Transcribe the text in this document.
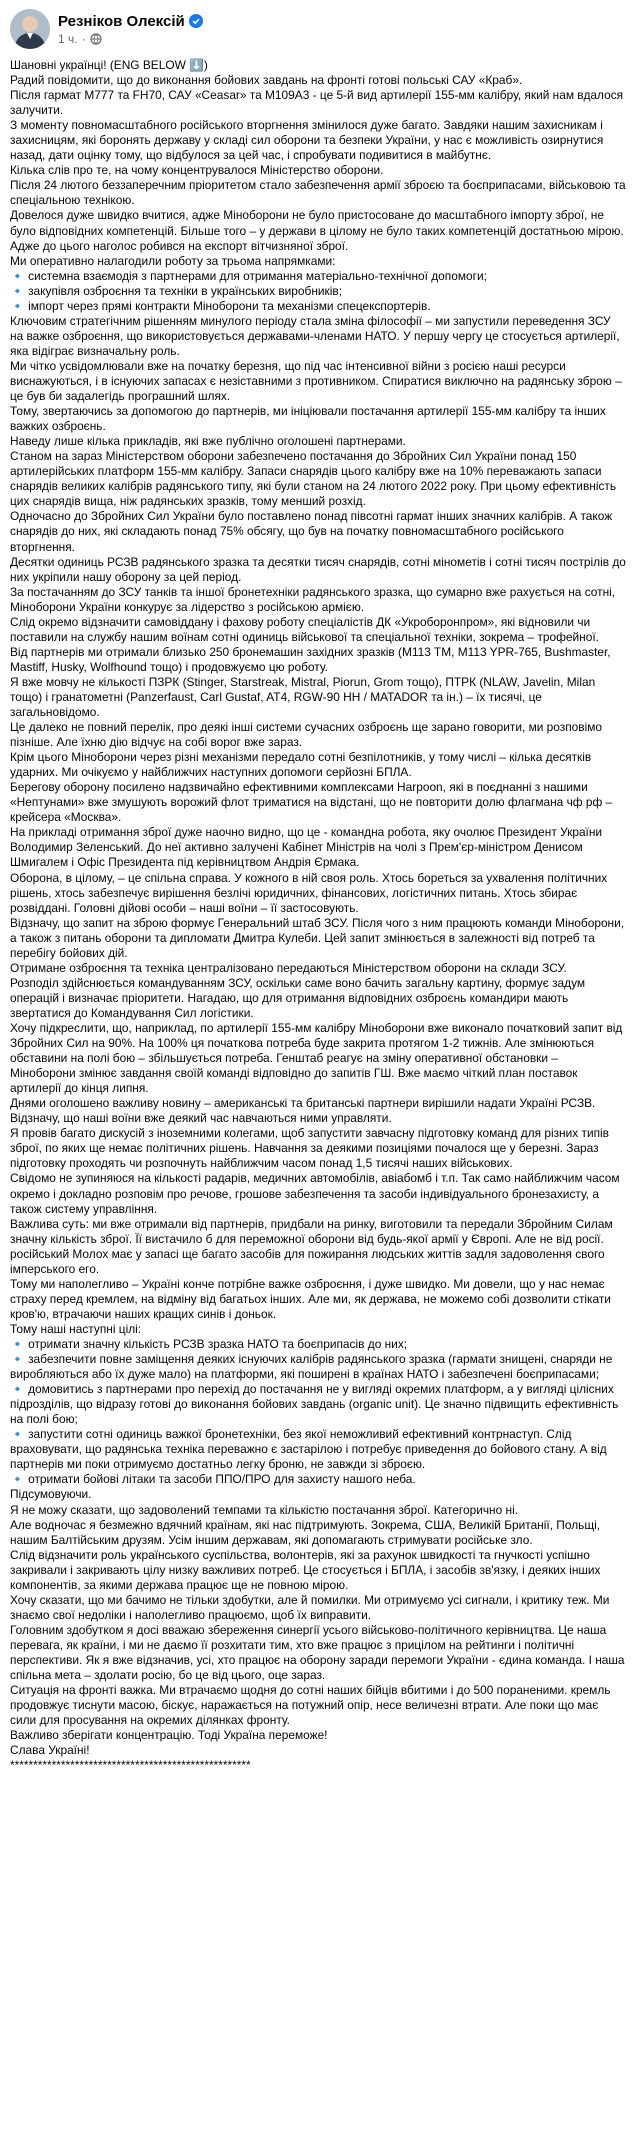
Резніков Олексій
1 ч. ·

Шановні українці! (ENG BELOW ⬇️)

Радий повідомити, що до виконання бойових завдань на фронті готові польські САУ «Краб».

Після гармат М777 та FH70, САУ «Ceasar» та M109A3 - це 5-й вид артилерії 155-мм калібру, який нам вдалося залучити.

З моменту повномасштабного російського вторгнення змінилося дуже багато. Завдяки нашим захисникам і захисницям, які боронять державу у складі сил оборони та безпеки України, у нас є можливість озирнутися назад, дати оцінку тому, що відбулося за цей час, і спробувати подивитися в майбутнє.

Кілька слів про те, на чому концентрувалося Міністерство оборони.

Після 24 лютого беззаперечним пріоритетом стало забезпечення армії зброєю та боєприпасами, військовою та спеціальною технікою.

Довелося дуже швидко вчитися, адже Міноборони не було пристосоване до масштабного імпорту зброї, не було відповідних компетенцій. Більше того – у держави в цілому не було таких компетенцій достатньою мірою. Адже до цього наголос робився на експорт вітчизняної зброї.

Ми оперативно налагодили роботу за трьома напрямками:

🔹 системна взаємодія з партнерами для отримання матеріально-технічної допомоги;

🔹 закупівля озброєння та техніки в українських виробників;

🔹 імпорт через прямі контракти Міноборони та механізми спецекспортерів.

Ключовим стратегічним рішенням минулого періоду стала зміна філософії – ми запустили переведення ЗСУ на важке озброєння, що використовується державами-членами НАТО. У першу чергу це стосується артилерії, яка відіграє визначальну роль.

Ми чітко усвідомлювали вже на початку березня, що під час інтенсивної війни з росією наші ресурси виснажуються, і в існуючих запасах є незіставними з противником. Спиратися виключно на радянську зброю – це був би задалегідь програшний шлях.

Тому, звертаючись за допомогою до партнерів, ми ініціювали постачання артилерії 155-мм калібру та інших важких озброєнь.

Наведу лише кілька прикладів, які вже публічно оголошені партнерами.

Станом на зараз Міністерством оборони забезпечено постачання до Збройних Сил України понад 150 артилерійських платформ 155-мм калібру. Запаси снарядів цього калібру вже на 10% переважають запаси снарядів великих калібрів радянського типу, які були станом на 24 лютого 2022 року. При цьому ефективність цих снарядів вища, ніж радянських зразків, тому менший розхід.

Одночасно до Збройних Сил України було поставлено понад півсотні гармат інших значних калібрів. А також снарядів до них, які складають понад 75% обсягу, що був на початку повномасштабного російського вторгнення.

Десятки одиниць РСЗВ радянського зразка та десятки тисяч снарядів, сотні мінометів і сотні тисяч пострілів до них укріпили нашу оборону за цей період.

За постачанням до ЗСУ танків та іншої бронетехніки радянського зразка, що сумарно вже рахується на сотні, Міноборони України конкурує за лідерство з російською армією.

Слід окремо відзначити самовіддану і фахову роботу спеціалістів ДК «Укроборонпром», які відновили чи поставили на службу нашим воїнам сотні одиниць військової та спеціальної техніки, зокрема – трофейної.

Від партнерів ми отримали близько 250 бронемашин західних зразків (M113 TM, M113 YPR-765, Bushmaster, Mastiff, Husky, Wolfhound тощо) і продовжуємо цю роботу.

Я вже мовчу не кількості ПЗРК (Stinger, Starstreak, Mistral, Piorun, Grom тощо), ПТРК (NLAW, Javelin, Milan тощо) і гранатометні (Panzerfaust, Carl Gustaf, AT4, RGW-90 HH / MATADOR та ін.) – їх тисячі, це загальновідомо.

Це далеко не повний перелік, про деякі інші системи сучасних озброєнь ще зарано говорити, ми розповімо пізніше. Але їхню дію відчує на собі ворог вже зараз.

Крім цього Міноборони через різні механізми передало сотні безпілотників, у тому числі – кілька десятків ударних. Ми очікуємо у найближчих наступних допомоги серйозні БПЛА.

Берегову оборону посилено надзвичайно ефективними комплексами Harpoon, які в поєднанні з нашими «Нептунами» вже змушують ворожий флот триматися на відстані, що не повторити долю флагмана чф рф – крейсера «Москва».

На прикладі отримання зброї дуже наочно видно, що це - командна робота, яку очолює Президент України Володимир Зеленський. До неї активно залучені Кабінет Міністрів на чолі з Прем'єр-міністром Денисом Шмигалем і Офіс Президента під керівництвом Андрія Єрмака.

Оборона, в цілому, – це спільна справа. У кожного в ній своя роль. Хтось бореться за ухвалення політичних рішень, хтось забезпечує вирішення безлічі юридичних, фінансових, логістичних питань. Хтось збирає розвіддані. Головні дійові особи – наші воїни – її застосовують.

Відзначу, що запит на зброю формує Генеральний штаб ЗСУ. Після чого з ним працюють команди Міноборони, а також з питань оборони та дипломати Дмитра Кулеби. Цей запит змінюється в залежності від потреб та перебігу бойових дій.

Отримане озброєння та техніка централізовано передаються Міністерством оборони на склади ЗСУ.

Розподіл здійснюється командуванням ЗСУ, оскільки саме воно бачить загальну картину, формує задум операцій і визначає пріоритети. Нагадаю, що для отримання відповідних озброєнь командири мають звертатися до Командування Сил логістики.

Хочу підкреслити, що, наприклад, по артилерії 155-мм калібру Міноборони вже виконало початковий запит від Збройних Сил на 90%. На 100% ця початкова потреба буде закрита протягом 1-2 тижнів. Але змінюються обставини на полі бою – збільшується потреба. Генштаб реагує на зміну оперативної обстановки – Міноборони змінює завдання своїй команді відповідно до запитів ГШ. Вже маємо чіткий план поставок артилерії до кінця липня.

Днями оголошено важливу новину – американські та британські партнери вирішили надати Україні РСЗВ. Відзначу, що наші воїни вже деякий час навчаються ними управляти.

Я провів багато дискусій з іноземними колегами, щоб запустити завчасну підготовку команд для різних типів зброї, по яких ще немає політичних рішень. Навчання за деякими позиціями почалося ще у березні. Зараз підготовку проходять чи розпочнуть найближчим часом понад 1,5 тисячі наших військових.

Свідомо не зупиняюся на кількості радарів, медичних автомобілів, авіабомб і т.п. Так само найближчим часом окремо і докладно розповім про речове, грошове забезпечення та засоби індивідуального бронезахисту, а також систему управління.

Важлива суть: ми вже отримали від партнерів, придбали на ринку, виготовили та передали Збройним Силам значну кількість зброї. Її вистачило б для переможної оборони від будь-якої армії у Європі. Але не від росії.

російський Молох має у запасі ще багато засобів для пожирання людських життів задля задоволення свого імперського его.

Тому ми наполегливо – Україні конче потрібне важке озброєння, і дуже швидко. Ми довели, що у нас немає страху перед кремлем, на відміну від багатьох інших. Але ми, як держава, не можемо собі дозволити стікати кров'ю, втрачаючи наших кращих синів і доньок.

Тому наші наступні цілі:

🔹 отримати значну кількість РСЗВ зразка НАТО та боєприпасів до них;

🔹 забезпечити повне заміщення деяких існуючих калібрів радянського зразка (гармати знищені, снаряди не виробляються або їх дуже мало) на платформи, які поширені в країнах НАТО і забезпечені боєприпасами;

🔹 домовитись з партнерами про перехід до постачання не у вигляді окремих платформ, а у вигляді цілісних підрозділів, що відразу готові до виконання бойових завдань (organic unit). Це значно підвищить ефективність на полі бою;

🔹 запустити сотні одиниць важкої бронетехніки, без якої неможливий ефективний контрнаступ. Слід враховувати, що радянська техніка переважно є застарілою і потребує приведення до бойового стану. А від партнерів ми поки отримуємо достатньо легку броню, не завжди зі зброєю.

🔹 отримати бойові літаки та засоби ППО/ПРО для захисту нашого неба.

Підсумовуючи.

Я не можу сказати, що задоволений темпами та кількістю постачання зброї. Категорично ні.

Але водночас я безмежно вдячний країнам, які нас підтримують. Зокрема, США, Великій Британії, Польщі, нашим Балтійським друзям. Усім іншим державам, які допомагають стримувати російське зло.

Слід відзначити роль українського суспільства, волонтерів, які за рахунок швидкості та гнучкості успішно закривали і закривають цілу низку важливих потреб. Це стосується і БПЛА, і засобів зв'язку, і деяких інших компонентів, за якими держава працює ще не повною мірою.

Хочу сказати, що ми бачимо не тільки здобутки, але й помилки. Ми отримуємо усі сигнали, і критику теж. Ми знаємо свої недоліки і наполегливо працюємо, щоб їх виправити.

Головним здобутком я досі вважаю збереження синергії усього військово-політичного керівництва. Це наша перевага, як країни, і ми не даємо її розхитати тим, хто вже працює з прицілом на рейтинги і політичні перспективи. Як я вже відзначив, усі, хто працює на оборону заради перемоги України - єдина команда. І наша спільна мета – здолати росію, бо це від цього, оце зараз.

Ситуація на фронті важка. Ми втрачаємо щодня до сотні наших бійців вбитими і до 500 пораненими. кремль продовжує тиснути масою, біскує, наражається на потужний опір, несе величезні втрати. Але поки що має сили для просування на окремих ділянках фронту.

Важливо зберігати концентрацію. Тоді Україна переможе!

Слава Україні!

****************************************************
